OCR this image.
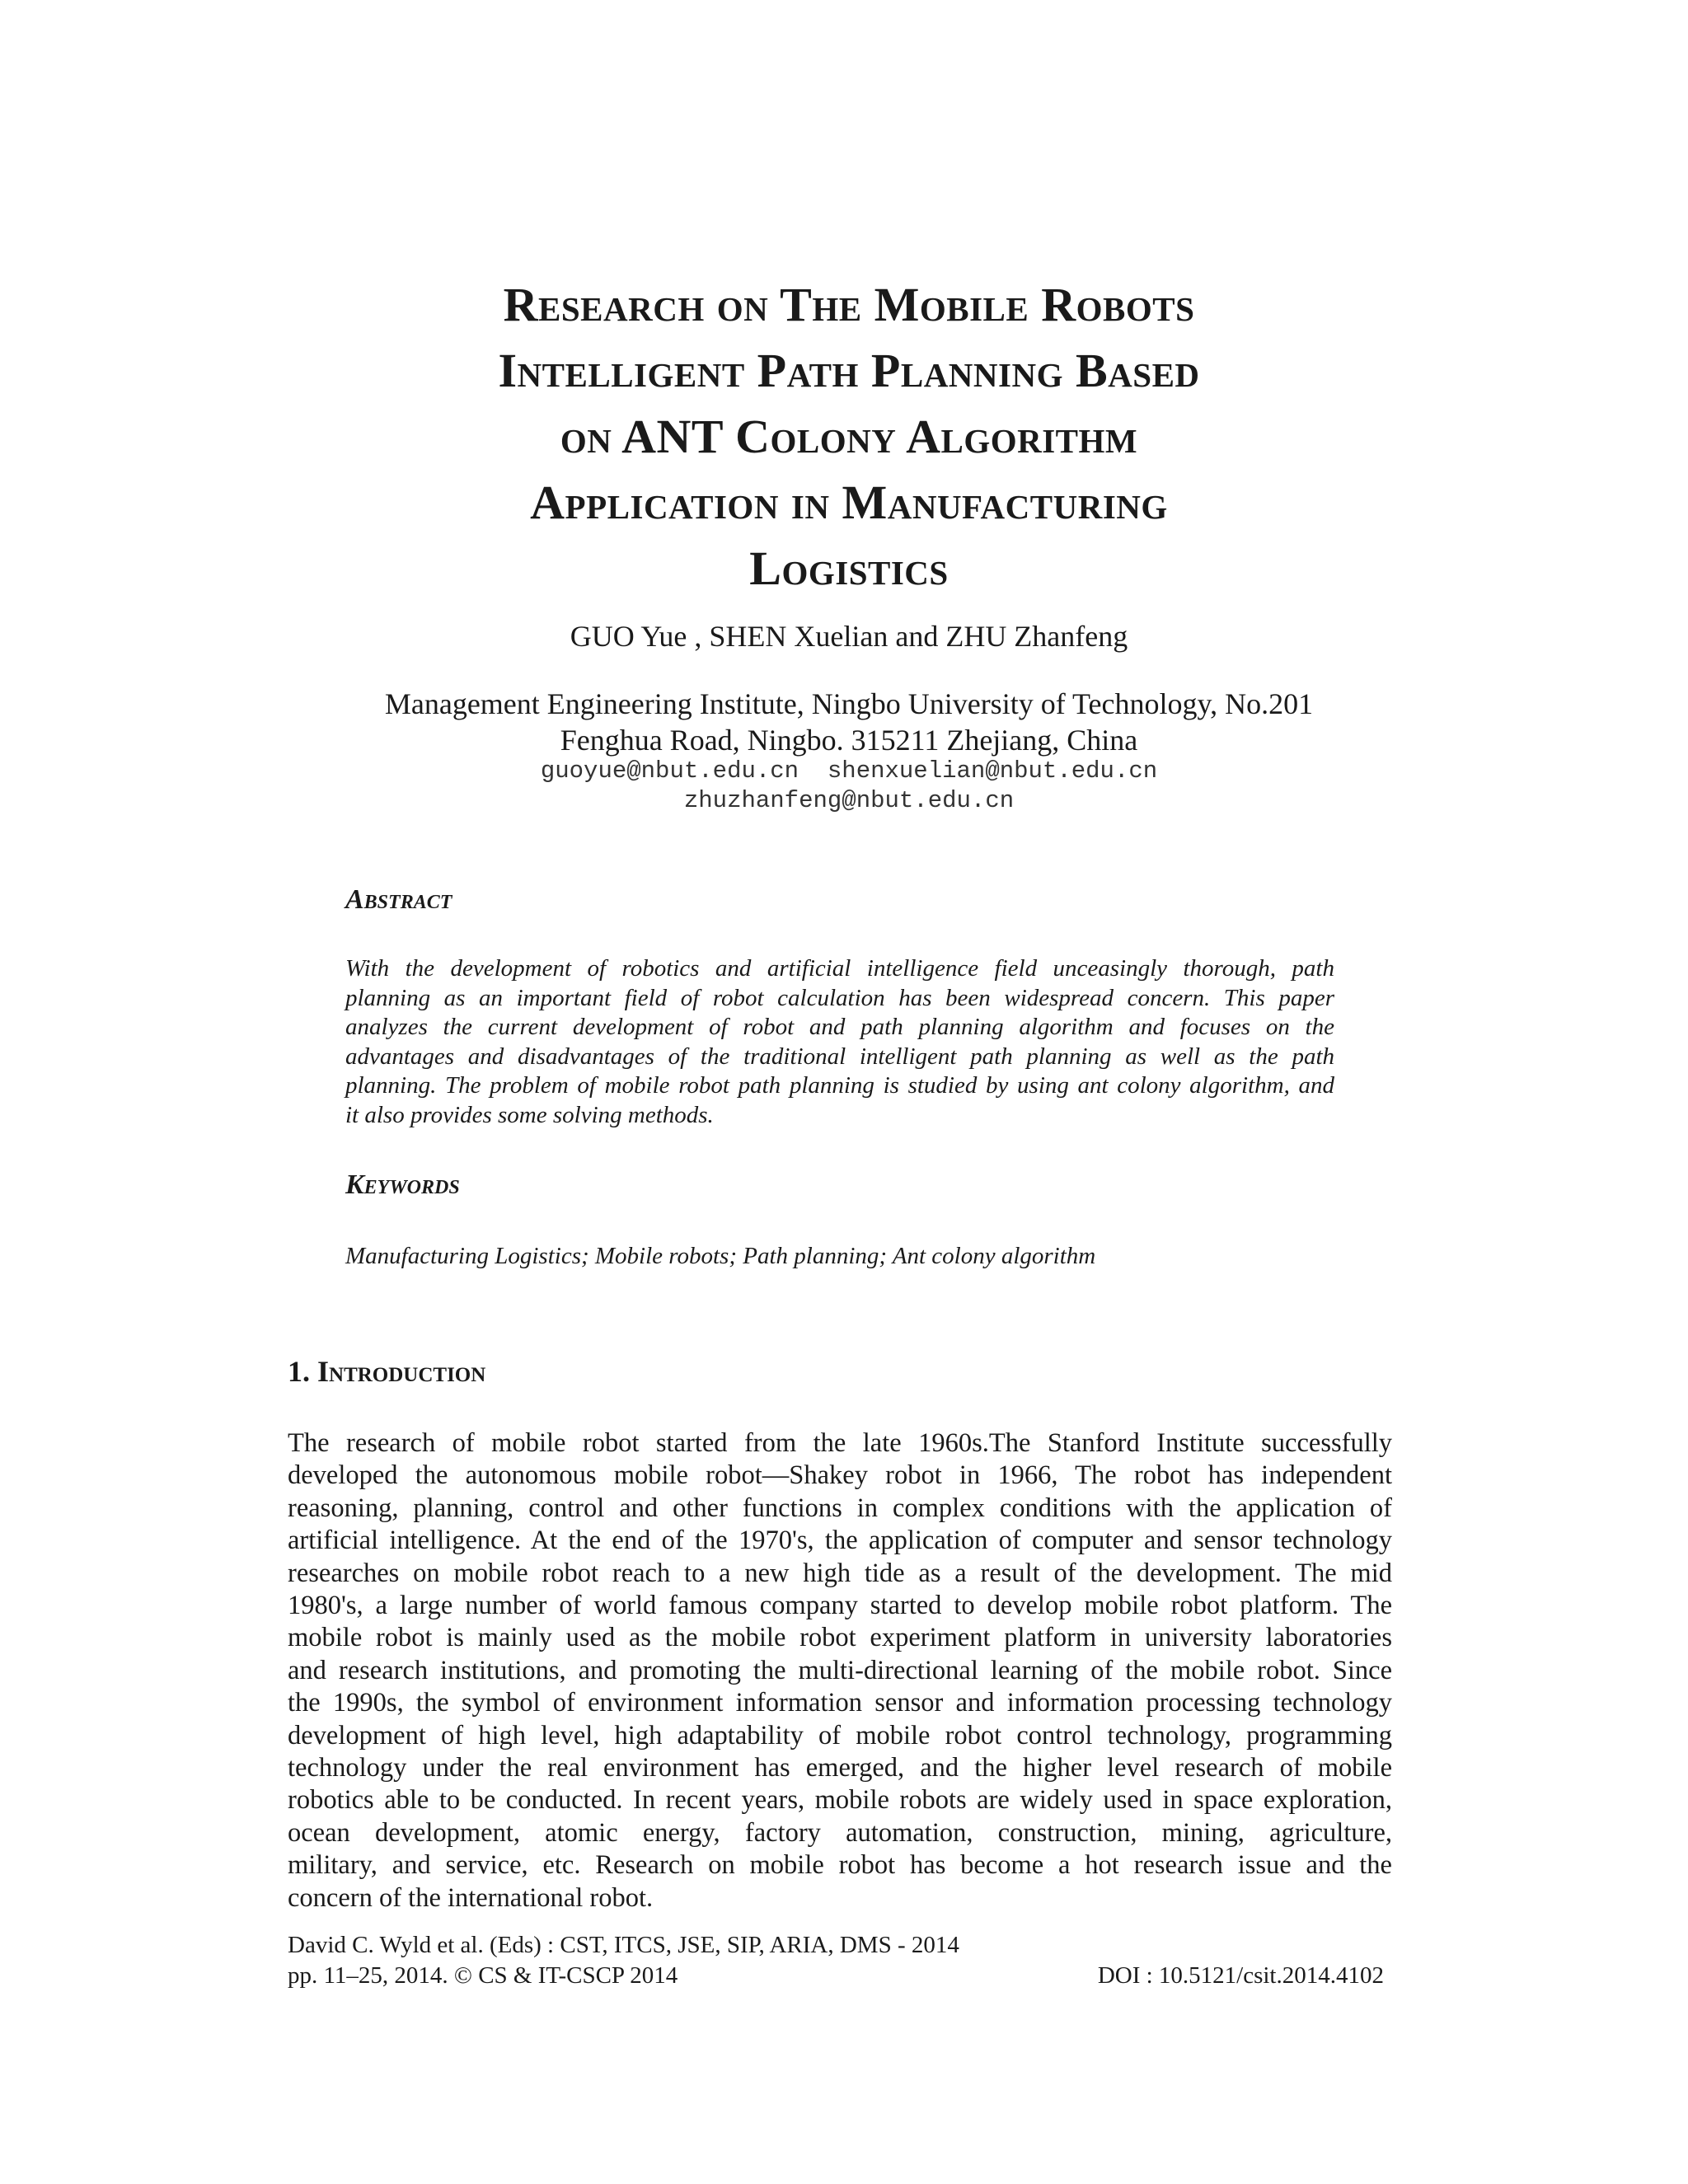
Research on The Mobile Robots
Intelligent Path Planning Based
on ANT Colony Algorithm
Application in Manufacturing
Logistics
GUO Yue , SHEN Xuelian and ZHU Zhanfeng
Management Engineering Institute, Ningbo University of Technology, No.201
Fenghua Road, Ningbo. 315211 Zhejiang, China
guoyue@nbut.edu.cn  shenxuelian@nbut.edu.cn
zhuzhanfeng@nbut.edu.cn
Abstract
With the development of robotics and artificial intelligence field unceasingly thorough, path
planning as an important field of robot calculation has been widespread concern. This paper
analyzes the current development of robot and path planning algorithm and focuses on the
advantages and disadvantages of the traditional intelligent path planning as well as the path
planning. The problem of mobile robot path planning is studied by using ant colony algorithm, and
it also provides some solving methods.
Keywords
Manufacturing Logistics; Mobile robots; Path planning; Ant colony algorithm
1. Introduction
The research of mobile robot started from the late 1960s.The Stanford Institute successfully
developed the autonomous mobile robot—Shakey robot in 1966, The robot has independent
reasoning, planning, control and other functions in complex conditions with the application of
artificial intelligence. At the end of the 1970's, the application of computer and sensor technology
researches on mobile robot reach to a new high tide as a result of the development. The mid
1980's, a large number of world famous company started to develop mobile robot platform. The
mobile robot is mainly used as the mobile robot experiment platform in university laboratories
and research institutions, and promoting the multi-directional learning of the mobile robot. Since
the 1990s, the symbol of environment information sensor and information processing technology
development of high level, high adaptability of mobile robot control technology, programming
technology under the real environment has emerged, and the higher level research of mobile
robotics able to be conducted. In recent years, mobile robots are widely used in space exploration,
ocean development, atomic energy, factory automation, construction, mining, agriculture,
military, and service, etc. Research on mobile robot has become a hot research issue and the
concern of the international robot.
David C. Wyld et al. (Eds) : CST, ITCS, JSE, SIP, ARIA, DMS - 2014
pp. 11–25, 2014. © CS & IT-CSCP 2014	DOI : 10.5121/csit.2014.4102
